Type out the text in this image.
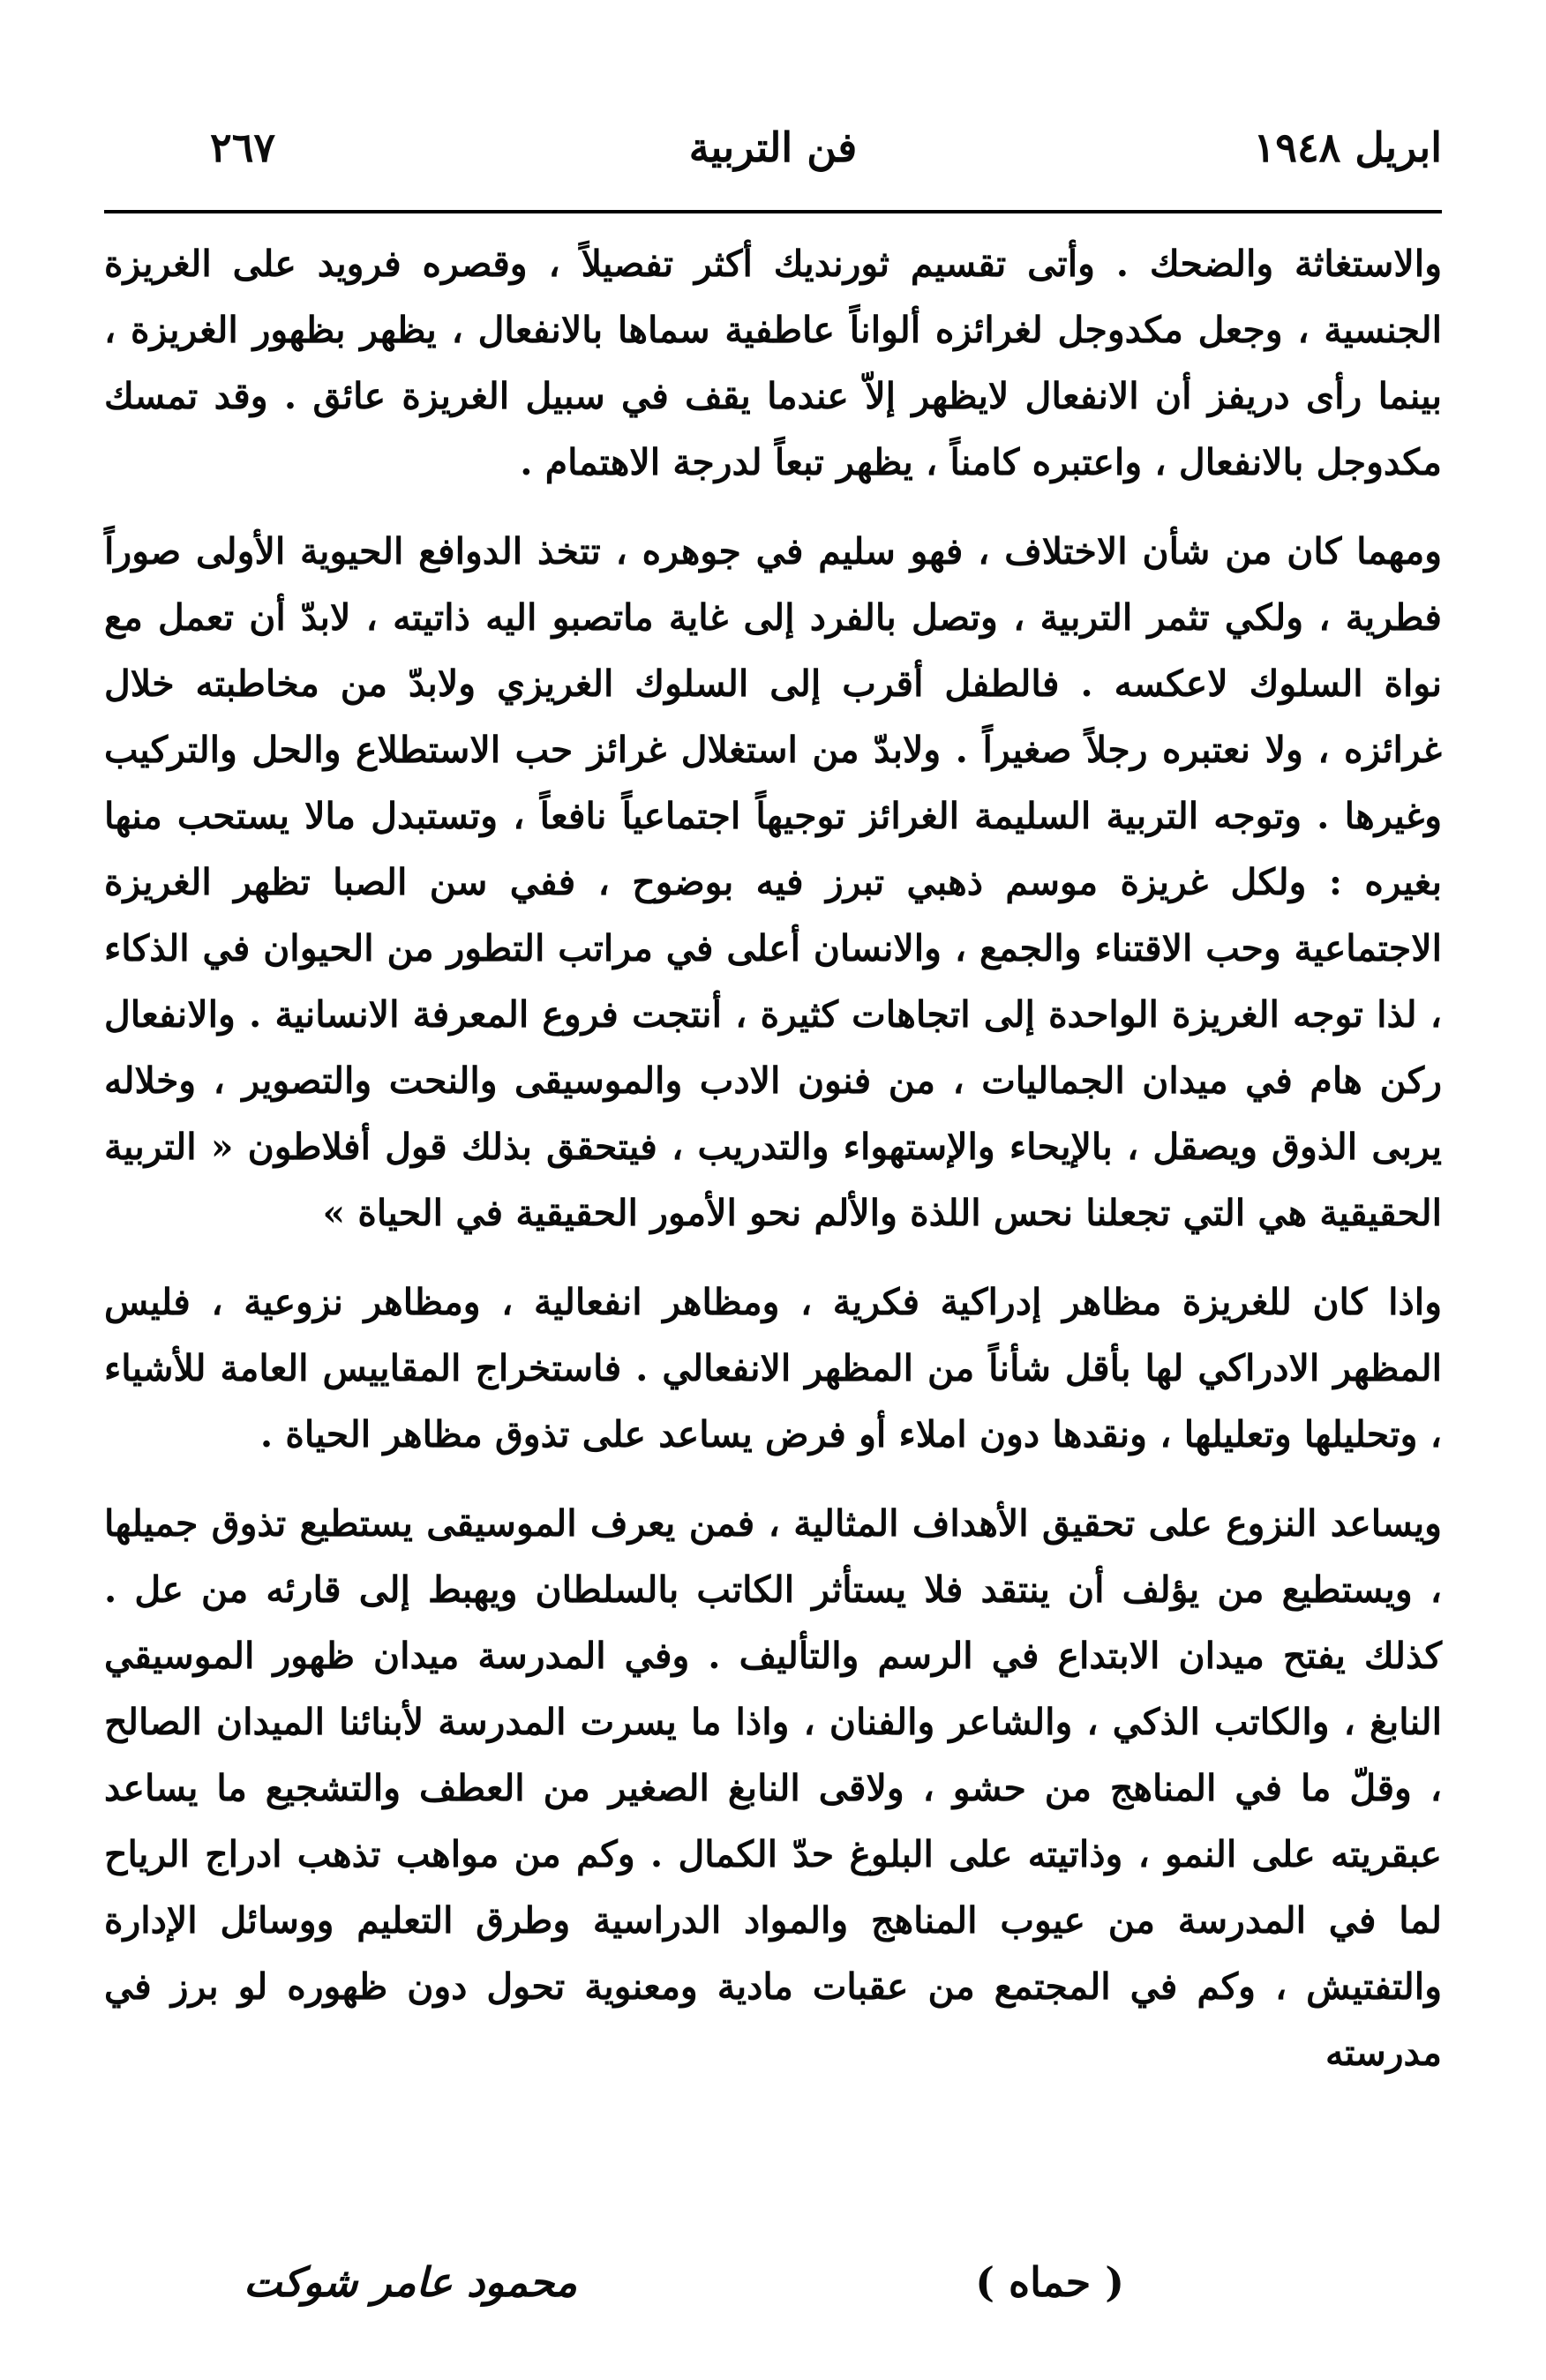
ابريل ١٩٤٨
فن التربية
٢٦٧

والاستغاثة والضحك . وأتى تقسيم ثورنديك أكثر تفصيلاً ، وقصره فرويد على الغريزة الجنسية ، وجعل مكدوجل لغرائزه ألواناً عاطفية سماها بالانفعال ، يظهر بظهور الغريزة ، بينما رأى دريفز أن الانفعال لايظهر إلاّ عندما يقف في سبيل الغريزة عائق . وقد تمسك مكدوجل بالانفعال ، واعتبره كامناً ، يظهر تبعاً لدرجة الاهتمام .

ومهما كان من شأن الاختلاف ، فهو سليم في جوهره ، تتخذ الدوافع الحيوية الأولى صوراً فطرية ، ولكي تثمر التربية ، وتصل بالفرد إلى غاية ماتصبو اليه ذاتيته ، لابدّ أن تعمل مع نواة السلوك لاعكسه . فالطفل أقرب إلى السلوك الغريزي ولابدّ من مخاطبته خلال غرائزه ، ولا نعتبره رجلاً صغيراً . ولابدّ من استغلال غرائز حب الاستطلاع والحل والتركيب وغيرها . وتوجه التربية السليمة الغرائز توجيهاً اجتماعياً نافعاً ، وتستبدل مالا يستحب منها بغيره : ولكل غريزة موسم ذهبي تبرز فيه بوضوح ، ففي سن الصبا تظهر الغريزة الاجتماعية وحب الاقتناء والجمع ، والانسان أعلى في مراتب التطور من الحيوان في الذكاء ، لذا توجه الغريزة الواحدة إلى اتجاهات كثيرة ، أنتجت فروع المعرفة الانسانية . والانفعال ركن هام في ميدان الجماليات ، من فنون الادب والموسيقى والنحت والتصوير ، وخلاله يربى الذوق ويصقل ، بالإيحاء والإستهواء والتدريب ، فيتحقق بذلك قول أفلاطون « التربية الحقيقية هي التي تجعلنا نحس اللذة والألم نحو الأمور الحقيقية في الحياة »

واذا كان للغريزة مظاهر إدراكية فكرية ، ومظاهر انفعالية ، ومظاهر نزوعية ، فليس المظهر الادراكي لها بأقل شأناً من المظهر الانفعالي . فاستخراج المقاييس العامة للأشياء ، وتحليلها وتعليلها ، ونقدها دون املاء أو فرض يساعد على تذوق مظاهر الحياة .

ويساعد النزوع على تحقيق الأهداف المثالية ، فمن يعرف الموسيقى يستطيع تذوق جميلها ، ويستطيع من يؤلف أن ينتقد فلا يستأثر الكاتب بالسلطان ويهبط إلى قارئه من عل . كذلك يفتح ميدان الابتداع في الرسم والتأليف . وفي المدرسة ميدان ظهور الموسيقي النابغ ، والكاتب الذكي ، والشاعر والفنان ، واذا ما يسرت المدرسة لأبنائنا الميدان الصالح ، وقلّ ما في المناهج من حشو ، ولاقى النابغ الصغير من العطف والتشجيع ما يساعد عبقريته على النمو ، وذاتيته على البلوغ حدّ الكمال . وكم من مواهب تذهب ادراج الرياح لما في المدرسة من عيوب المناهج والمواد الدراسية وطرق التعليم ووسائل الإدارة والتفتيش ، وكم في المجتمع من عقبات مادية ومعنوية تحول دون ظهوره لو برز في مدرسته

( حماه )
محمود عامر شوكت
